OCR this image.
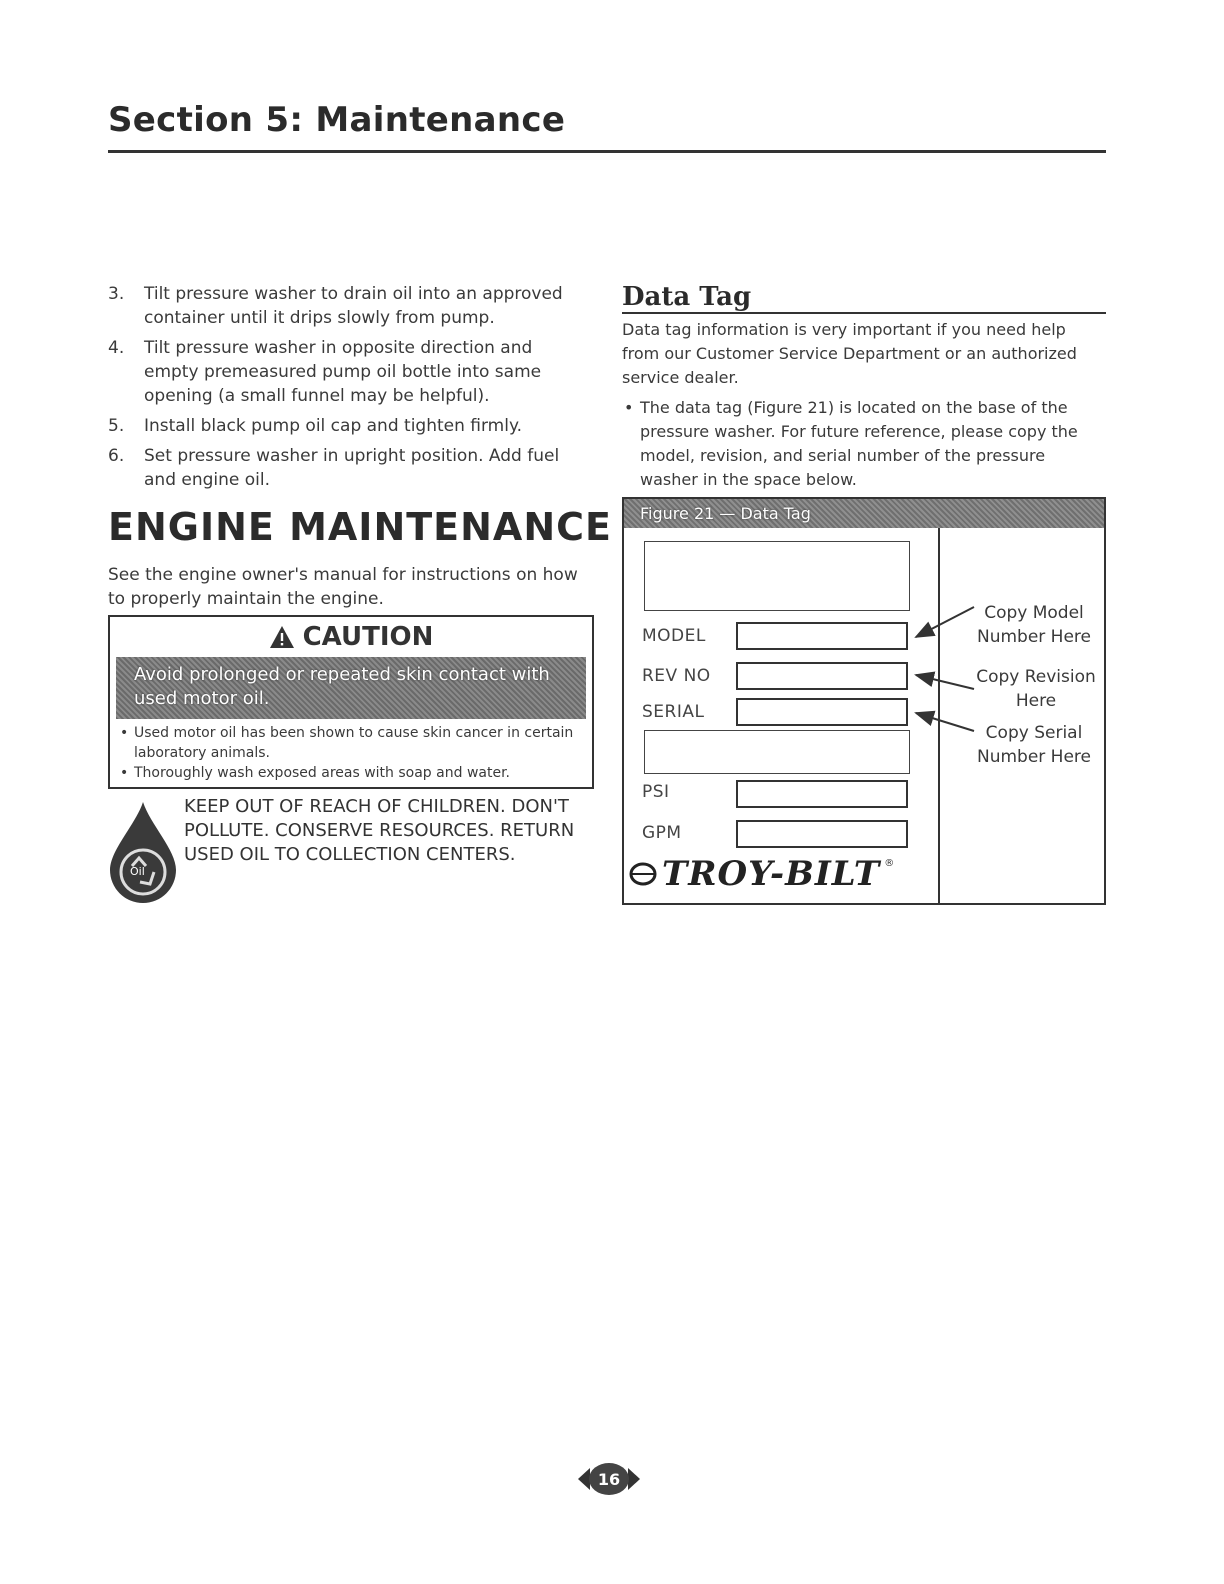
Section 5: Maintenance
3. Tilt pressure washer to drain oil into an approved container until it drips slowly from pump.
4. Tilt pressure washer in opposite direction and empty premeasured pump oil bottle into same opening (a small funnel may be helpful).
5. Install black pump oil cap and tighten firmly.
6. Set pressure washer in upright position. Add fuel and engine oil.
ENGINE MAINTENANCE

See the engine owner's manual for instructions on how to properly maintain the engine.

CAUTION
Avoid prolonged or repeated skin contact with used motor oil.
• Used motor oil has been shown to cause skin cancer in certain laboratory animals.
• Thoroughly wash exposed areas with soap and water.
Oil

KEEP OUT OF REACH OF CHILDREN. DON'T POLLUTE. CONSERVE RESOURCES. RETURN USED OIL TO COLLECTION CENTERS.

Data Tag

Data tag information is very important if you need help from our Customer Service Department or an authorized service dealer.

• The data tag (Figure 21) is located on the base of the pressure washer. For future reference, please copy the model, revision, and serial number of the pressure washer in the space below.

Figure 21 — Data Tag
MODEL
REV NO
SERIAL
PSI
GPM
TROY-BILT ®
Copy Model
Number Here
Copy Revision
Here
Copy Serial
Number Here
16
